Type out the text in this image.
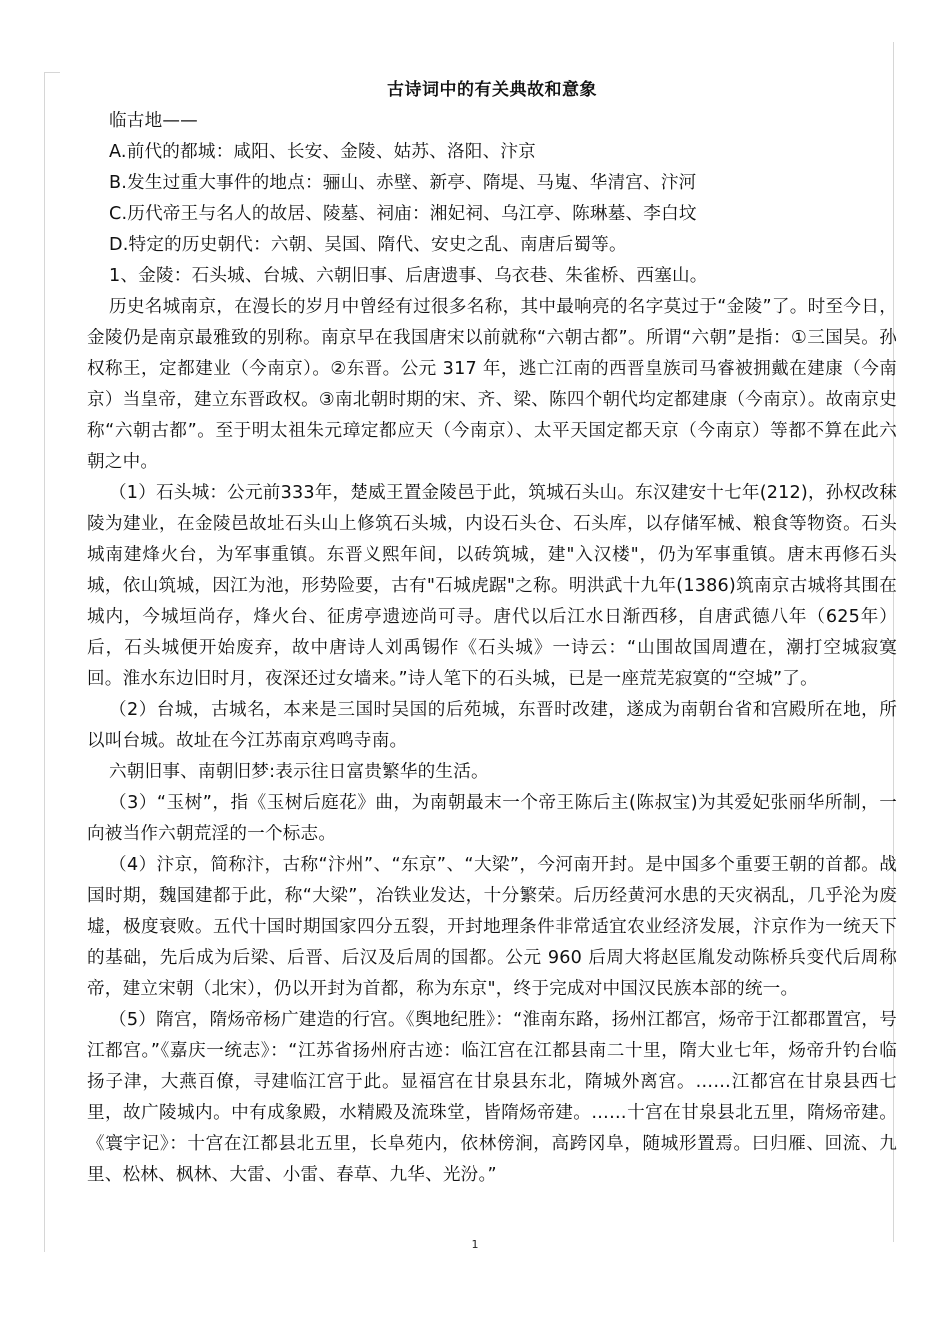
古诗词中的有关典故和意象

临古地——

A.前代的都城：咸阳、长安、金陵、姑苏、洛阳、汴京

B.发生过重大事件的地点：骊山、赤壁、新亭、隋堤、马嵬、华清宫、汴河

C.历代帝王与名人的故居、陵墓、祠庙：湘妃祠、乌江亭、陈琳墓、李白坟

D.特定的历史朝代：六朝、吴国、隋代、安史之乱、南唐后蜀等。

1、金陵：石头城、台城、六朝旧事、后唐遗事、乌衣巷、朱雀桥、西塞山。

历史名城南京，在漫长的岁月中曾经有过很多名称，其中最响亮的名字莫过于“金陵”了。时至今日，金陵仍是南京最雅致的别称。南京早在我国唐宋以前就称“六朝古都”。所谓“六朝”是指：①三国吴。孙权称王，定都建业（今南京）。②东晋。公元 317 年，逃亡江南的西晋皇族司马睿被拥戴在建康（今南京）当皇帝，建立东晋政权。③南北朝时期的宋、齐、梁、陈四个朝代均定都建康（今南京）。故南京史称“六朝古都”。至于明太祖朱元璋定都应天（今南京）、太平天国定都天京（今南京）等都不算在此六朝之中。

（1）石头城：公元前333年，楚威王置金陵邑于此，筑城石头山。东汉建安十七年(212)，孙权改秣陵为建业，在金陵邑故址石头山上修筑石头城，内设石头仓、石头库，以存储军械、粮食等物资。石头城南建烽火台，为军事重镇。东晋义熙年间，以砖筑城，建"入汉楼"，仍为军事重镇。唐末再修石头城，依山筑城，因江为池，形势险要，古有"石城虎踞"之称。明洪武十九年(1386)筑南京古城将其围在城内，今城垣尚存，烽火台、征虏亭遗迹尚可寻。唐代以后江水日渐西移，自唐武德八年（625年）后，石头城便开始废弃，故中唐诗人刘禹锡作《石头城》一诗云：“山围故国周遭在，潮打空城寂寞回。淮水东边旧时月，夜深还过女墙来。”诗人笔下的石头城，已是一座荒芜寂寞的“空城”了。

（2）台城，古城名，本来是三国时吴国的后苑城，东晋时改建，遂成为南朝台省和宫殿所在地，所以叫台城。故址在今江苏南京鸡鸣寺南。

六朝旧事、南朝旧梦:表示往日富贵繁华的生活。

（3）“玉树”，指《玉树后庭花》曲，为南朝最末一个帝王陈后主(陈叔宝)为其爱妃张丽华所制，一向被当作六朝荒淫的一个标志。

（4）汴京，简称汴，古称“汴州”、“东京”、“大梁”，今河南开封。是中国多个重要王朝的首都。战国时期，魏国建都于此，称“大梁”，冶铁业发达，十分繁荣。后历经黄河水患的天灾祸乱，几乎沦为废墟，极度衰败。五代十国时期国家四分五裂，开封地理条件非常适宜农业经济发展，汴京作为一统天下的基础，先后成为后梁、后晋、后汉及后周的国都。公元 960 后周大将赵匡胤发动陈桥兵变代后周称帝，建立宋朝（北宋），仍以开封为首都，称为东京"，终于完成对中国汉民族本部的统一。

（5）隋宫，隋炀帝杨广建造的行宫。《舆地纪胜》：“淮南东路，扬州江都宫，炀帝于江都郡置宫，号江都宫。”《嘉庆一统志》：“江苏省扬州府古迹：临江宫在江都县南二十里，隋大业七年，炀帝升钓台临扬子津，大燕百僚，寻建临江宫于此。显福宫在甘泉县东北，隋城外离宫。……江都宫在甘泉县西七里，故广陵城内。中有成象殿，水精殿及流珠堂，皆隋炀帝建。……十宫在甘泉县北五里，隋炀帝建。《寰宇记》：十宫在江都县北五里，长阜苑内，依林傍涧，高跨冈阜，随城形置焉。曰归雁、回流、九里、松林、枫林、大雷、小雷、春草、九华、光汾。”

1
